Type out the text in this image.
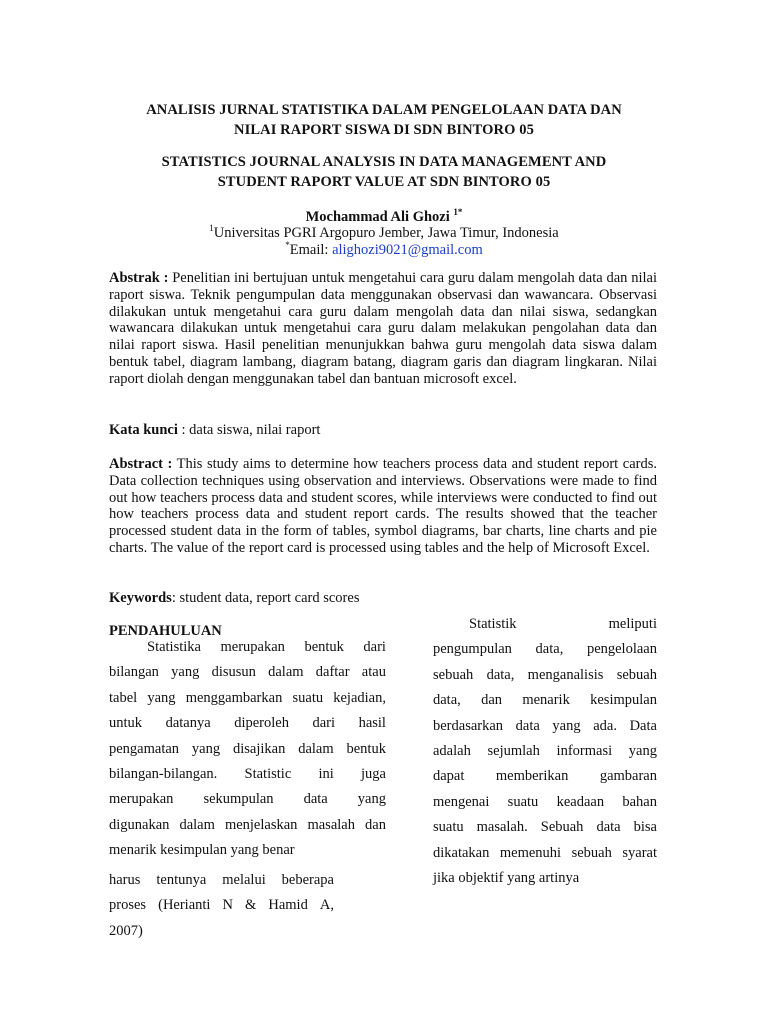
ANALISIS JURNAL STATISTIKA DALAM PENGELOLAAN DATA DAN
NILAI RAPORT SISWA DI SDN BINTORO 05
STATISTICS JOURNAL ANALYSIS IN DATA MANAGEMENT AND
STUDENT RAPORT VALUE AT SDN BINTORO 05
Mochammad Ali Ghozi $^{1*}$
$^1$Universitas PGRI Argopuro Jember, Jawa Timur, Indonesia
*Email: alighozi9021@gmail.com
Abstrak : Penelitian ini bertujuan untuk mengetahui cara guru dalam mengolah data dan nilai raport siswa. Teknik pengumpulan data menggunakan observasi dan wawancara. Observasi dilakukan untuk mengetahui cara guru dalam mengolah data dan nilai siswa, sedangkan wawancara dilakukan untuk mengetahui cara guru dalam melakukan pengolahan data dan nilai raport siswa. Hasil penelitian menunjukkan bahwa guru mengolah data siswa dalam bentuk tabel, diagram lambang, diagram batang, diagram garis dan diagram lingkaran. Nilai raport diolah dengan menggunakan tabel dan bantuan microsoft excel.
Kata kunci : data siswa, nilai raport
Abstract : This study aims to determine how teachers process data and student report cards. Data collection techniques using observation and interviews. Observations were made to find out how teachers process data and student scores, while interviews were conducted to find out how teachers process data and student report cards. The results showed that the teacher processed student data in the form of tables, symbol diagrams, bar charts, line charts and pie charts. The value of the report card is processed using tables and the help of Microsoft Excel.
Keywords: student data, report card scores
PENDAHULUAN
Statistika merupakan bentuk dari
bilangan yang disusun dalam daftar atau
tabel yang menggambarkan suatu kejadian,
untuk datanya diperoleh dari hasil
pengamatan yang disajikan dalam bentuk
bilangan-bilangan. Statistic ini juga
merupakan sekumpulan data yang
digunakan dalam menjelaskan masalah dan
menarik kesimpulan yang benar
harus tentunya melalui beberapa
proses (Herianti N & Hamid A,
2007)
Statistik	meliputi
pengumpulan data, pengelolaan
sebuah data, menganalisis sebuah
data, dan menarik kesimpulan
berdasarkan data yang ada. Data
adalah sejumlah informasi yang
dapat memberikan gambaran
mengenai suatu keadaan bahan
suatu masalah. Sebuah data bisa
dikatakan memenuhi sebuah syarat
jika objektif yang artinya
